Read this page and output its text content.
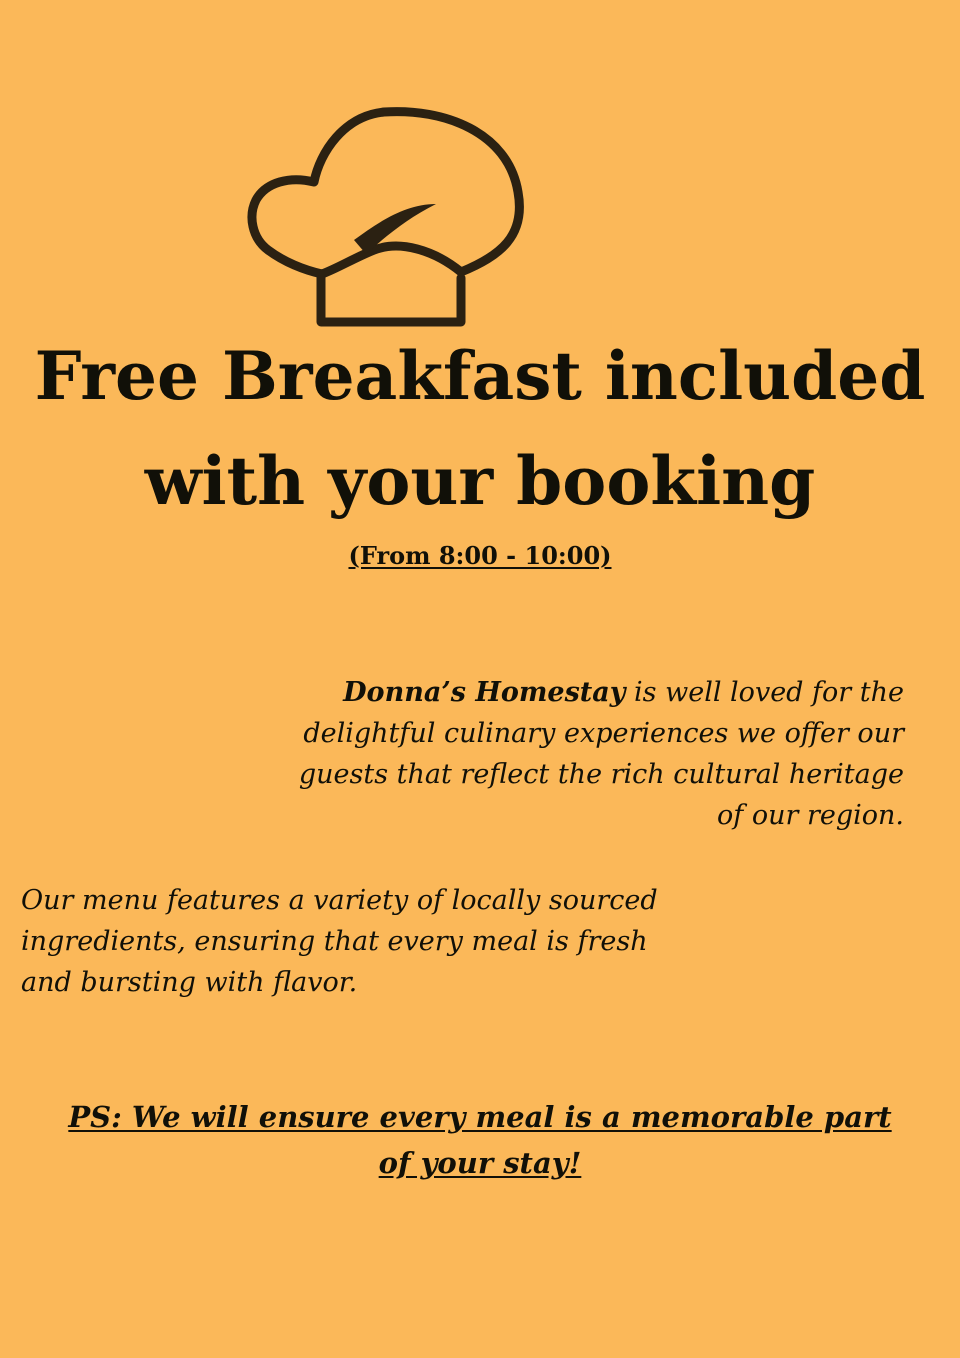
Free Breakfast included
with your booking
(From 8:00 - 10:00)

Donna’s Homestay is well loved for the
delightful culinary experiences we offer our
guests that reflect the rich cultural heritage
of our region.

Our menu features a variety of locally sourced
ingredients, ensuring that every meal is fresh
and bursting with flavor.

PS: We will ensure every meal is a memorable part
of your stay!
